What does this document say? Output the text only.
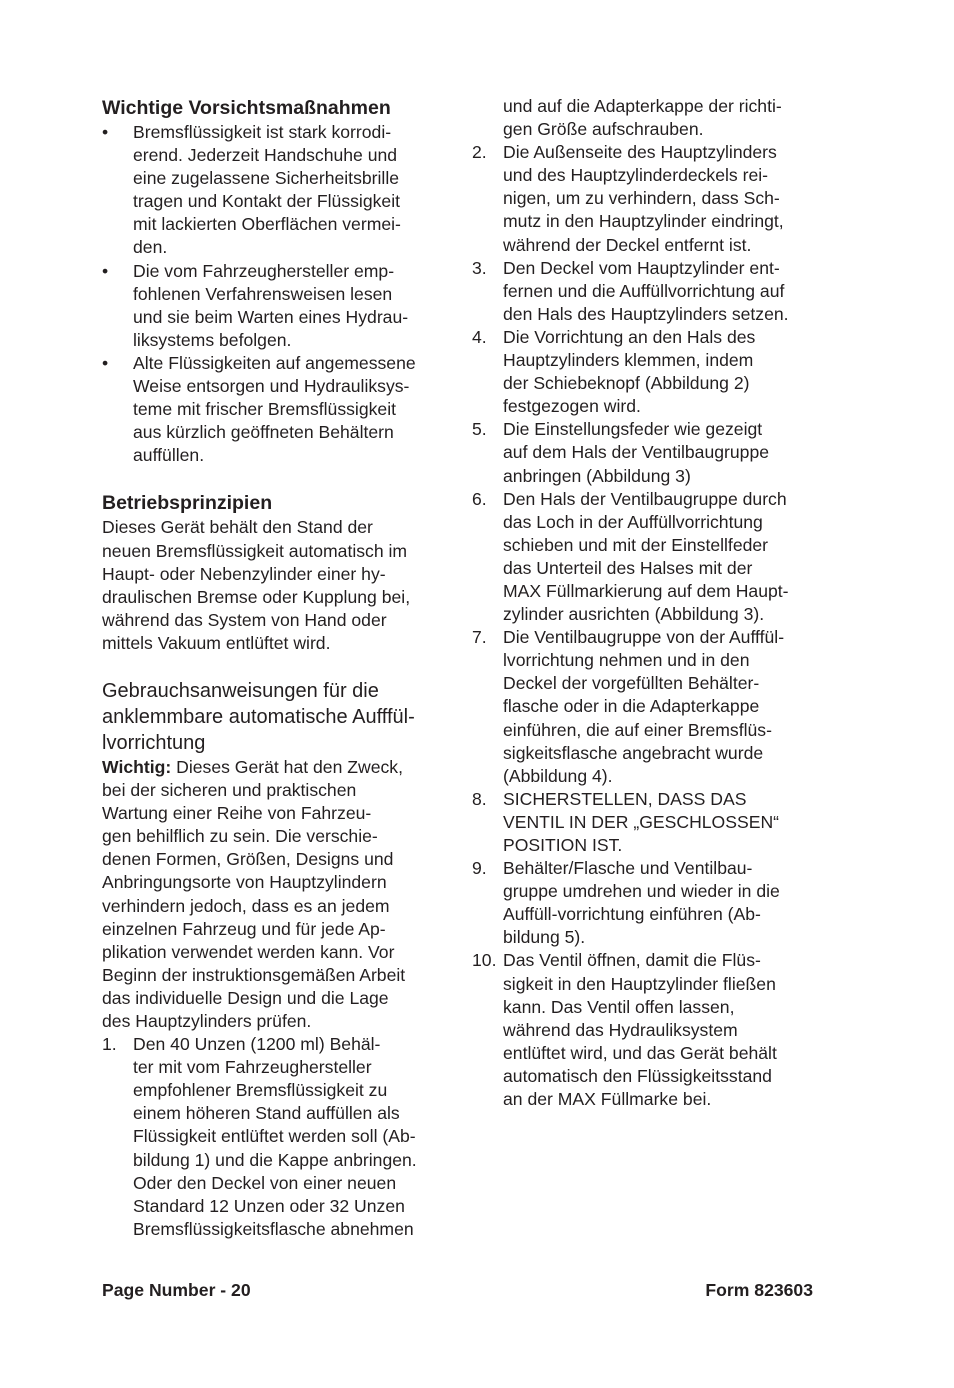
Wichtige Vorsichtsmaßnahmen
•	Bremsflüssigkeit ist stark korrodi-
erend. Jederzeit Handschuhe und
eine zugelassene Sicherheitsbrille
tragen und Kontakt der Flüssigkeit
mit lackierten Oberflächen vermei-
den.
•	Die vom Fahrzeughersteller emp-
fohlenen Verfahrensweisen lesen
und sie beim Warten eines Hydrau-
liksystems befolgen.
•	Alte Flüssigkeiten auf angemessene
Weise entsorgen und Hydrauliksys-
teme mit frischer Bremsflüssigkeit
aus kürzlich geöffneten Behältern
auffüllen.
Betriebsprinzipien

Dieses Gerät behält den Stand der
neuen Bremsflüssigkeit automatisch im
Haupt- oder Nebenzylinder einer hy-
draulischen Bremse oder Kupplung bei,
während das System von Hand oder
mittels Vakuum entlüftet wird.

Gebrauchsanweisungen für die
anklemmbare automatische Aufffül-
lvorrichtung

Wichtig: Dieses Gerät hat den Zweck,
bei der sicheren und praktischen
Wartung einer Reihe von Fahrzeu-
gen behilflich zu sein. Die verschie-
denen Formen, Größen, Designs und
Anbringungsorte von Hauptzylindern
verhindern jedoch, dass es an jedem
einzelnen Fahrzeug und für jede Ap-
plikation verwendet werden kann. Vor
Beginn der instruktionsgemäßen Arbeit
das individuelle Design und die Lage
des Hauptzylinders prüfen.

1. Den 40 Unzen (1200 ml) Behäl-
ter mit vom Fahrzeughersteller
empfohlener Bremsflüssigkeit zu
einem höheren Stand auffüllen als
Flüssigkeit entlüftet werden soll (Ab-
bildung 1) und die Kappe anbringen.
Oder den Deckel von einer neuen
Standard 12 Unzen oder 32 Unzen
Bremsflüssigkeitsflasche abnehmen

und auf die Adapterkappe der richti-
gen Größe aufschrauben.

2. Die Außenseite des Hauptzylinders
und des Hauptzylinderdeckels rei-
nigen, um zu verhindern, dass Sch-
mutz in den Hauptzylinder eindringt,
während der Deckel entfernt ist.
3. Den Deckel vom Hauptzylinder ent-
fernen und die Auffüllvorrichtung auf
den Hals des Hauptzylinders setzen.
4. Die Vorrichtung an den Hals des
Hauptzylinders klemmen, indem
der Schiebeknopf (Abbildung 2)
festgezogen wird.
5. Die Einstellungsfeder wie gezeigt
auf dem Hals der Ventilbaugruppe
anbringen (Abbildung 3)
6. Den Hals der Ventilbaugruppe durch
das Loch in der Auffüllvorrichtung
schieben und mit der Einstellfeder
das Unterteil des Halses mit der
MAX Füllmarkierung auf dem Haupt-
zylinder ausrichten (Abbildung 3).
7. Die Ventilbaugruppe von der Aufffül-
lvorrichtung nehmen und in den
Deckel der vorgefüllten Behälter-
flasche oder in die Adapterkappe
einführen, die auf einer Bremsflüs-
sigkeitsflasche angebracht wurde
(Abbildung 4).
8. SICHERSTELLEN, DASS DAS
VENTIL IN DER „GESCHLOSSEN“
POSITION IST.
9. Behälter/Flasche und Ventilbau-
gruppe umdrehen und wieder in die
Auffüll-vorrichtung einführen (Ab-
bildung 5).
10. Das Ventil öffnen, damit die Flüs-
sigkeit in den Hauptzylinder fließen
kann. Das Ventil offen lassen,
während das Hydrauliksystem
entlüftet wird, und das Gerät behält
automatisch den Flüssigkeitsstand
an der MAX Füllmarke bei.
Page Number - 20	Form 823603
